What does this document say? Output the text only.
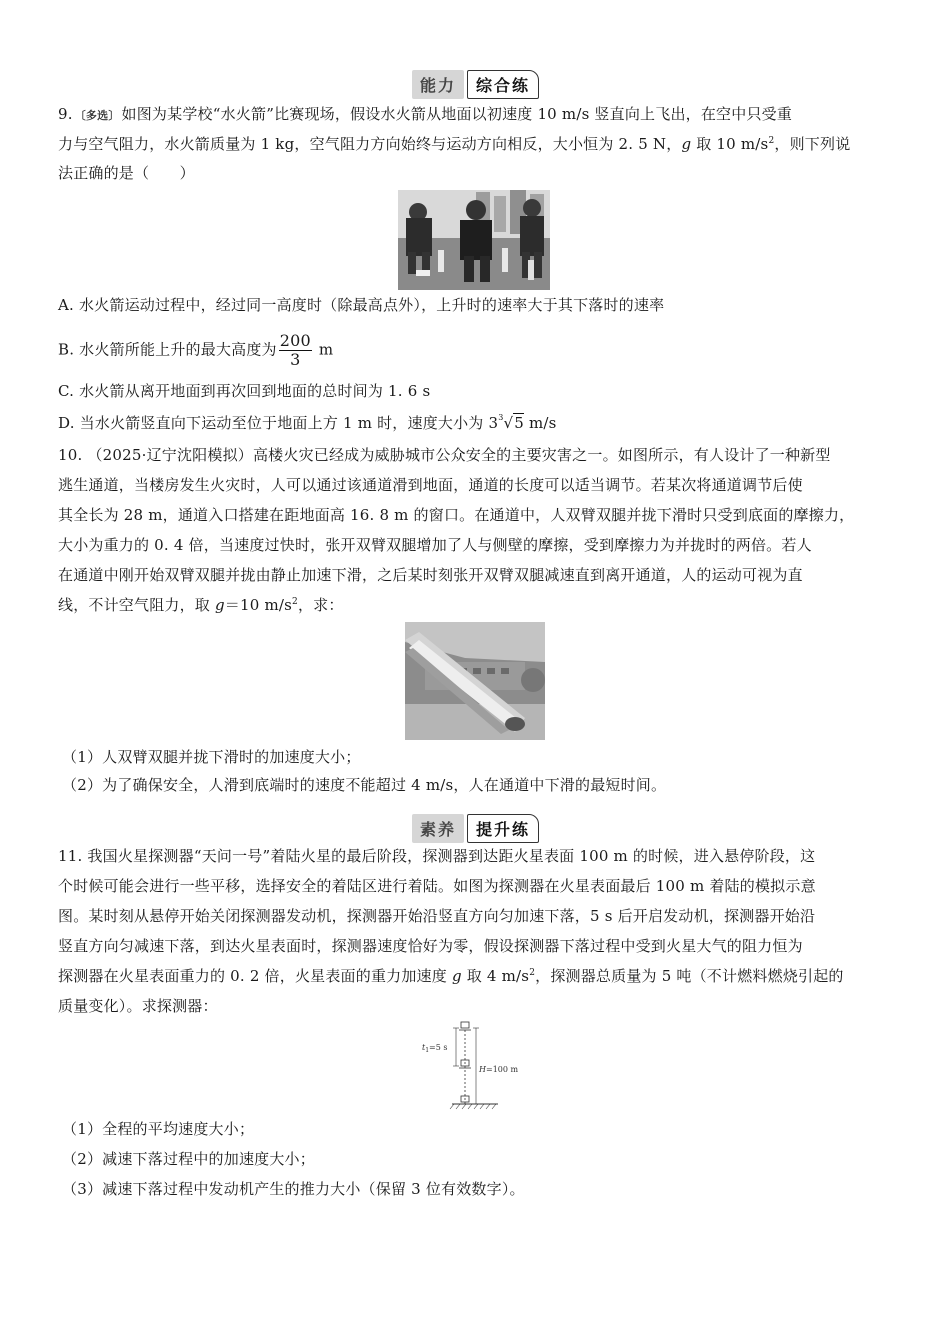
能力	综合练
9. 〔多选〕 如图为某学校“水火箭”比赛现场，假设水火箭从地面以初速度 10 m/s 竖直向上飞出，在空中只受重
力与空气阻力，水火箭质量为 1 kg，空气阻力方向始终与运动方向相反，大小恒为 2. 5 N，g 取 10 $m/s^2$，则下列说
法正确的是（　　）
A. 水火箭运动过程中，经过同一高度时（除最高点外），上升时的速率大于其下落时的速率
B. 水火箭所能上升的最大高度为 $\frac{200}{3}$ m
C. 水火箭从离开地面到再次回到地面的总时间为 1. 6 s
D. 当水火箭竖直向下运动至位于地面上方 1 m 时，速度大小为 $3^3√5$ m/s
10. （2025·辽宁沈阳模拟）高楼火灾已经成为威胁城市公众安全的主要灾害之一。如图所示，有人设计了一种新型
逃生通道，当楼房发生火灾时，人可以通过该通道滑到地面，通道的长度可以适当调节。若某次将通道调节后使
其全长为 28 m，通道入口搭建在距地面高 16. 8 m 的窗口。在通道中，人双臂双腿并拢下滑时只受到底面的摩擦力，
大小为重力的 0. 4 倍，当速度过快时，张开双臂双腿增加了人与侧壁的摩擦，受到摩擦力为并拢时的两倍。若人
在通道中刚开始双臂双腿并拢由静止加速下滑，之后某时刻张开双臂双腿减速直到离开通道，人的运动可视为直
线，不计空气阻力，取 g＝10 $m/s^2$，求：
（1）人双臂双腿并拢下滑时的加速度大小；
（2）为了确保安全，人滑到底端时的速度不能超过 4 m/s，人在通道中下滑的最短时间。
素养	提升练
11. 我国火星探测器“天问一号”着陆火星的最后阶段，探测器到达距火星表面 100 m 的时候，进入悬停阶段，这
个时候可能会进行一些平移，选择安全的着陆区进行着陆。如图为探测器在火星表面最后 100 m 着陆的模拟示意
图。某时刻从悬停开始关闭探测器发动机，探测器开始沿竖直方向匀加速下落，5 s 后开启发动机，探测器开始沿
竖直方向匀减速下落，到达火星表面时，探测器速度恰好为零，假设探测器下落过程中受到火星大气的阻力恒为
探测器在火星表面重力的 0. 2 倍，火星表面的重力加速度 g 取 4 $m/s^2$，探测器总质量为 5 吨（不计燃料燃烧引起的
质量变化）。求探测器：
$t_1=5$ s
H=100 m
（1）全程的平均速度大小；
（2）减速下落过程中的加速度大小；
（3）减速下落过程中发动机产生的推力大小（保留 3 位有效数字）。
